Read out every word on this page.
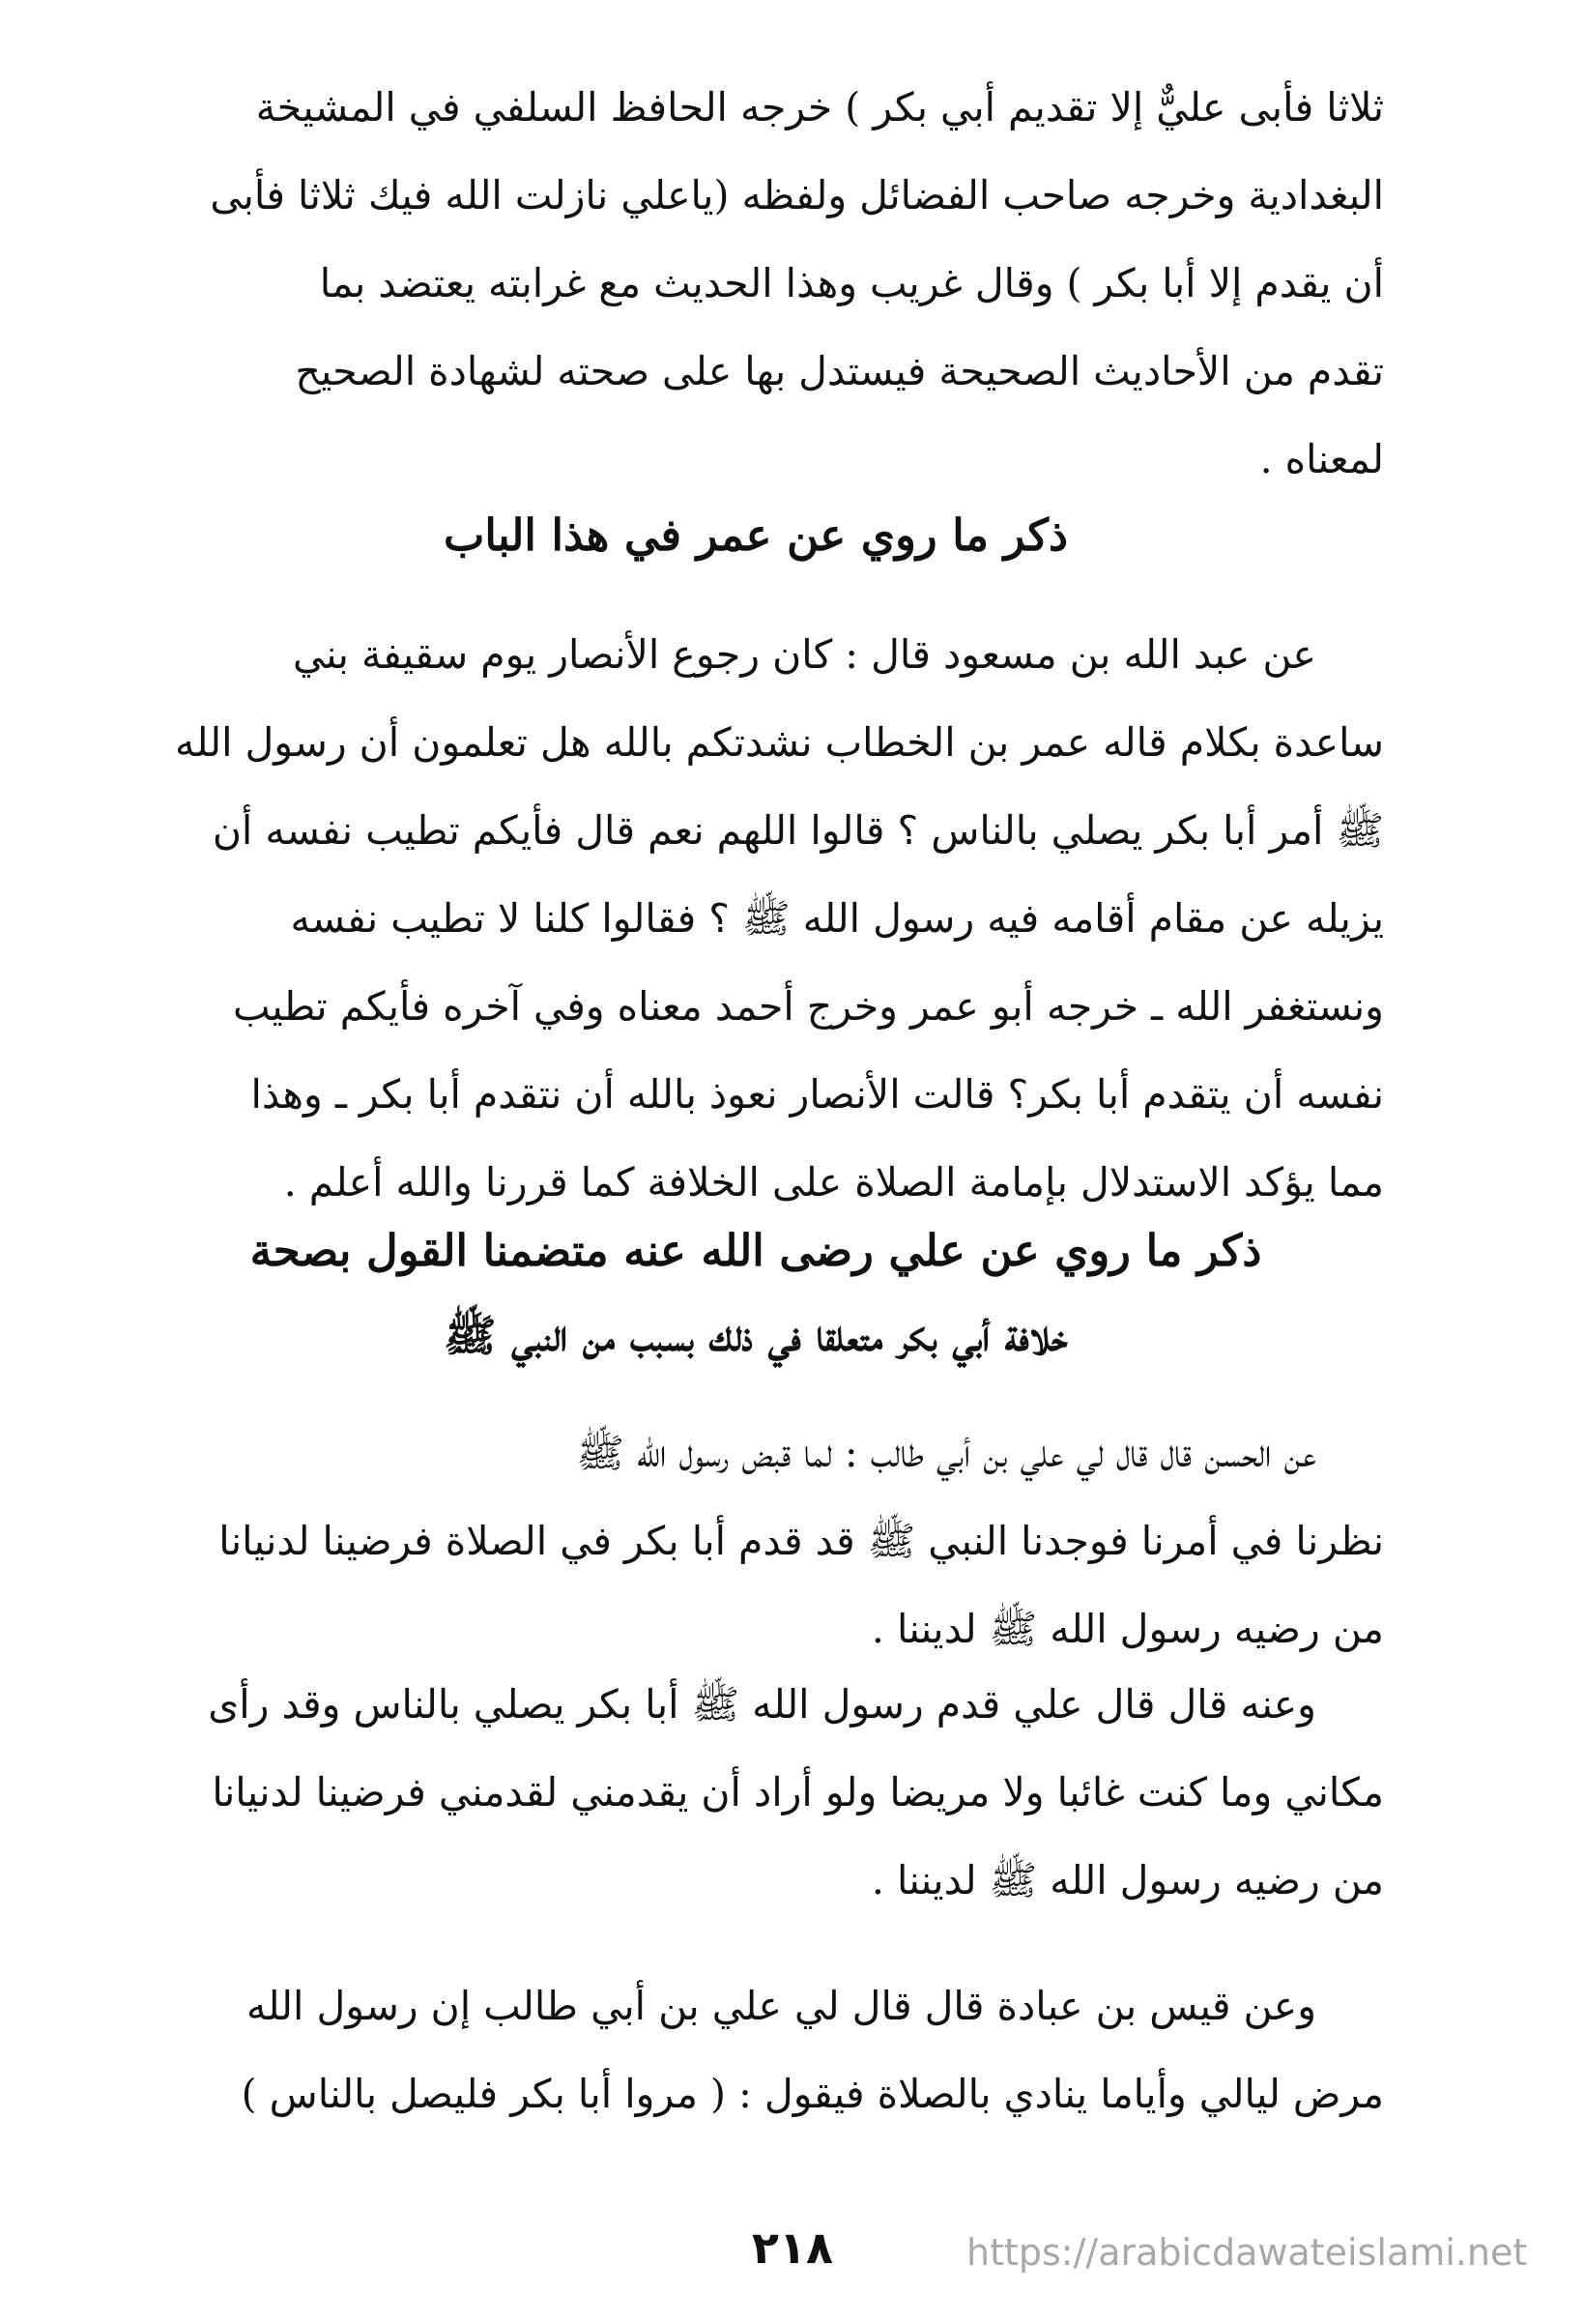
ثلاثا فأبى عليٌّ إلا تقديم أبي بكر ) خرجه الحافظ السلفي في المشيخة
البغدادية وخرجه صاحب الفضائل ولفظه (ياعلي نازلت الله فيك ثلاثا فأبى
أن يقدم إلا أبا بكر ) وقال غريب وهذا الحديث مع غرابته يعتضد بما
تقدم من الأحاديث الصحيحة فيستدل بها على صحته لشهادة الصحيح
لمعناه .
ذكر ما روي عن عمر في هذا الباب
عن عبد الله بن مسعود قال : كان رجوع الأنصار يوم سقيفة بني
ساعدة بكلام قاله عمر بن الخطاب نشدتكم بالله هل تعلمون أن رسول الله
ﷺ أمر أبا بكر يصلي بالناس ؟ قالوا اللهم نعم قال فأيكم تطيب نفسه أن
يزيله عن مقام أقامه فيه رسول الله ﷺ ؟ فقالوا كلنا لا تطيب نفسه
ونستغفر الله ـ خرجه أبو عمر وخرج أحمد معناه وفي آخره فأيكم تطيب
نفسه أن يتقدم أبا بكر؟ قالت الأنصار نعوذ بالله أن نتقدم أبا بكر ـ وهذا
مما يؤكد الاستدلال بإمامة الصلاة على الخلافة كما قررنا والله أعلم .
ذكر ما روي عن علي رضى الله عنه متضمنا القول بصحة
خلافة أبي بكر متعلقا في ذلك بسبب من النبي ﷺ
عن الحسن قال قال لي علي بن أبي طالب : لما قبض رسول الله ﷺ
نظرنا في أمرنا فوجدنا النبي ﷺ قد قدم أبا بكر في الصلاة فرضينا لدنيانا
من رضيه رسول الله ﷺ لديننا .
وعنه قال قال علي قدم رسول الله ﷺ أبا بكر يصلي بالناس وقد رأى
مكاني وما كنت غائبا ولا مريضا ولو أراد أن يقدمني لقدمني فرضينا لدنيانا
من رضيه رسول الله ﷺ لديننا .
وعن قيس بن عبادة قال قال لي علي بن أبي طالب إن رسول الله
مرض ليالي وأياما ينادي بالصلاة فيقول : ( مروا أبا بكر فليصل بالناس )
٢١٨	https://arabicdawateislami.net
